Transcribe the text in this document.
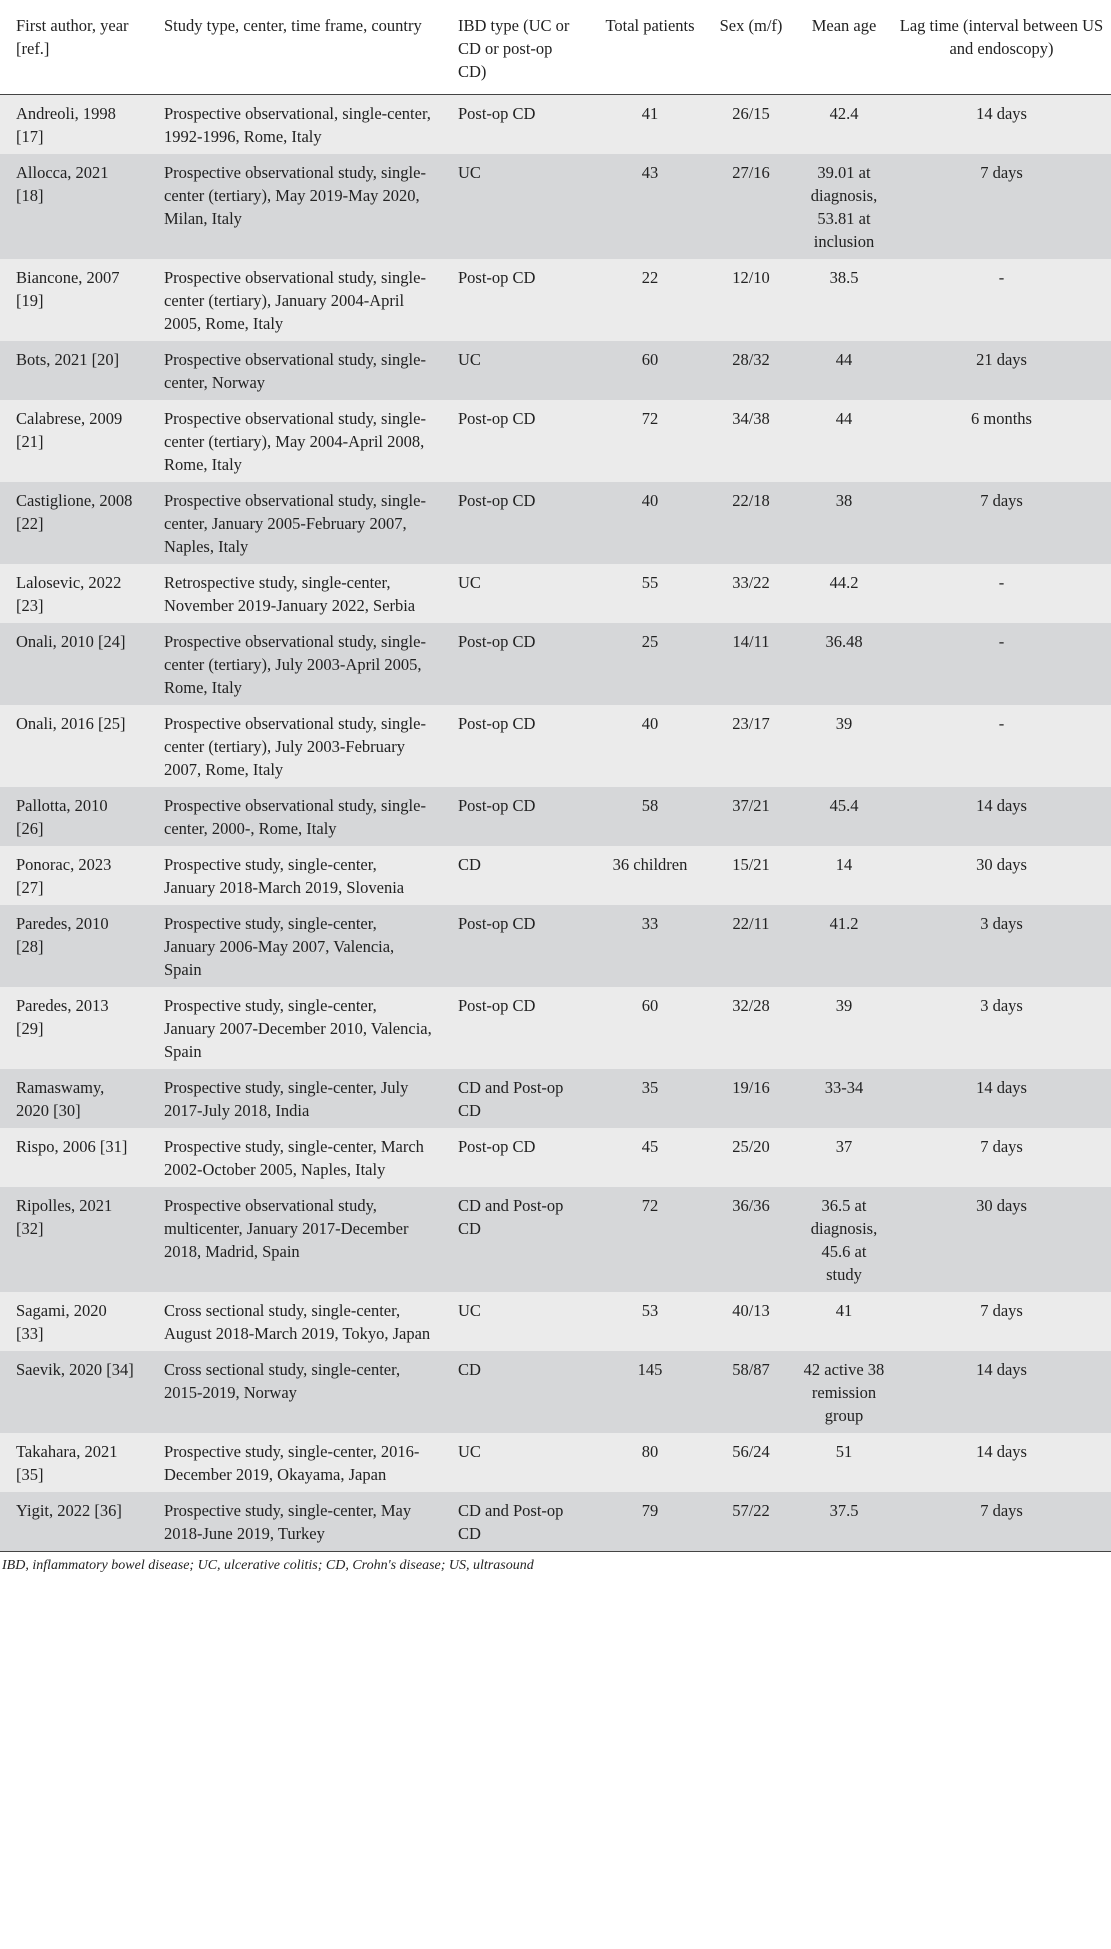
First author, year [ref.]	Study type, center, time frame, country	IBD type (UC or CD or post-op CD)	Total patients	Sex (m/f)	Mean age	Lag time (interval between US and endoscopy)
Andreoli, 1998 [17]	Prospective observational, single-center, 1992-1996, Rome, Italy	Post-op CD	41	26/15	42.4	14 days
Allocca, 2021 [18]	Prospective observational study, single-center (tertiary), May 2019-May 2020, Milan, Italy	UC	43	27/16	39.01 at diagnosis, 53.81 at inclusion	7 days
Biancone, 2007 [19]	Prospective observational study, single-center (tertiary), January 2004-April 2005, Rome, Italy	Post-op CD	22	12/10	38.5	-
Bots, 2021 [20]	Prospective observational study, single-center, Norway	UC	60	28/32	44	21 days
Calabrese, 2009 [21]	Prospective observational study, single-center (tertiary), May 2004-April 2008, Rome, Italy	Post-op CD	72	34/38	44	6 months
Castiglione, 2008 [22]	Prospective observational study, single-center, January 2005-February 2007, Naples, Italy	Post-op CD	40	22/18	38	7 days
Lalosevic, 2022 [23]	Retrospective study, single-center, November 2019-January 2022, Serbia	UC	55	33/22	44.2	-
Onali, 2010 [24]	Prospective observational study, single-center (tertiary), July 2003-April 2005, Rome, Italy	Post-op CD	25	14/11	36.48	-
Onali, 2016 [25]	Prospective observational study, single-center (tertiary), July 2003-February 2007, Rome, Italy	Post-op CD	40	23/17	39	-
Pallotta, 2010 [26]	Prospective observational study, single-center, 2000-, Rome, Italy	Post-op CD	58	37/21	45.4	14 days
Ponorac, 2023 [27]	Prospective study, single-center, January 2018-March 2019, Slovenia	CD	36 children	15/21	14	30 days
Paredes, 2010 [28]	Prospective study, single-center, January 2006-May 2007, Valencia, Spain	Post-op CD	33	22/11	41.2	3 days
Paredes, 2013 [29]	Prospective study, single-center, January 2007-December 2010, Valencia, Spain	Post-op CD	60	32/28	39	3 days
Ramaswamy, 2020 [30]	Prospective study, single-center, July 2017-July 2018, India	CD and Post-op CD	35	19/16	33-34	14 days
Rispo, 2006 [31]	Prospective study, single-center, March 2002-October 2005, Naples, Italy	Post-op CD	45	25/20	37	7 days
Ripolles, 2021 [32]	Prospective observational study, multicenter, January 2017-December 2018, Madrid, Spain	CD and Post-op CD	72	36/36	36.5 at diagnosis, 45.6 at study	30 days
Sagami, 2020 [33]	Cross sectional study, single-center, August 2018-March 2019, Tokyo, Japan	UC	53	40/13	41	7 days
Saevik, 2020 [34]	Cross sectional study, single-center, 2015-2019, Norway	CD	145	58/87	42 active 38 remission group	14 days
Takahara, 2021 [35]	Prospective study, single-center, 2016-December 2019, Okayama, Japan	UC	80	56/24	51	14 days
Yigit, 2022 [36]	Prospective study, single-center, May 2018-June 2019, Turkey	CD and Post-op CD	79	57/22	37.5	7 days
IBD, inflammatory bowel disease; UC, ulcerative colitis; CD, Crohn's disease; US, ultrasound
